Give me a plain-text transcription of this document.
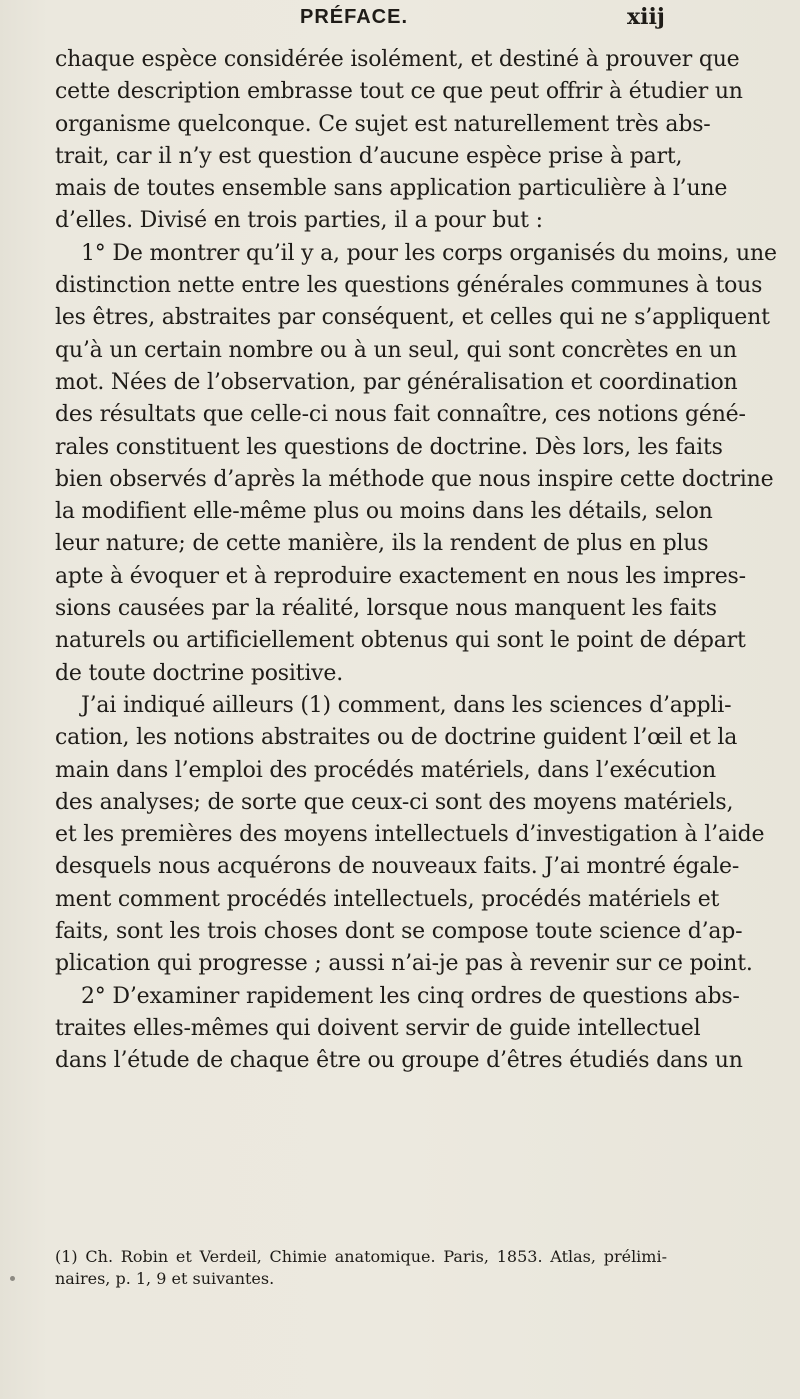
PRÉFACE.	xiij
chaque espèce considérée isolément, et destiné à prouver que
cette description embrasse tout ce que peut offrir à étudier un
organisme quelconque. Ce sujet est naturellement très abs-
trait, car il n’y est question d’aucune espèce prise à part,
mais de toutes ensemble sans application particulière à l’une
d’elles. Divisé en trois parties, il a pour but :
1° De montrer qu’il y a, pour les corps organisés du moins, une
distinction nette entre les questions générales communes à tous
les êtres, abstraites par conséquent, et celles qui ne s’appliquent
qu’à un certain nombre ou à un seul, qui sont concrètes en un
mot. Nées de l’observation, par généralisation et coordination
des résultats que celle-ci nous fait connaître, ces notions géné-
rales constituent les questions de doctrine. Dès lors, les faits
bien observés d’après la méthode que nous inspire cette doctrine
la modifient elle-même plus ou moins dans les détails, selon
leur nature; de cette manière, ils la rendent de plus en plus
apte à évoquer et à reproduire exactement en nous les impres-
sions causées par la réalité, lorsque nous manquent les faits
naturels ou artificiellement obtenus qui sont le point de départ
de toute doctrine positive.
J’ai indiqué ailleurs (1) comment, dans les sciences d’appli-
cation, les notions abstraites ou de doctrine guident l’œil et la
main dans l’emploi des procédés matériels, dans l’exécution
des analyses; de sorte que ceux-ci sont des moyens matériels,
et les premières des moyens intellectuels d’investigation à l’aide
desquels nous acquérons de nouveaux faits. J’ai montré égale-
ment comment procédés intellectuels, procédés matériels et
faits, sont les trois choses dont se compose toute science d’ap-
plication qui progresse ; aussi n’ai-je pas à revenir sur ce point.
2° D’examiner rapidement les cinq ordres de questions abs-
traites elles-mêmes qui doivent servir de guide intellectuel
dans l’étude de chaque être ou groupe d’êtres étudiés dans un
(1) Ch. Robin et Verdeil, Chimie anatomique. Paris, 1853. Atlas, prélimi-
naires, p. 1, 9 et suivantes.
